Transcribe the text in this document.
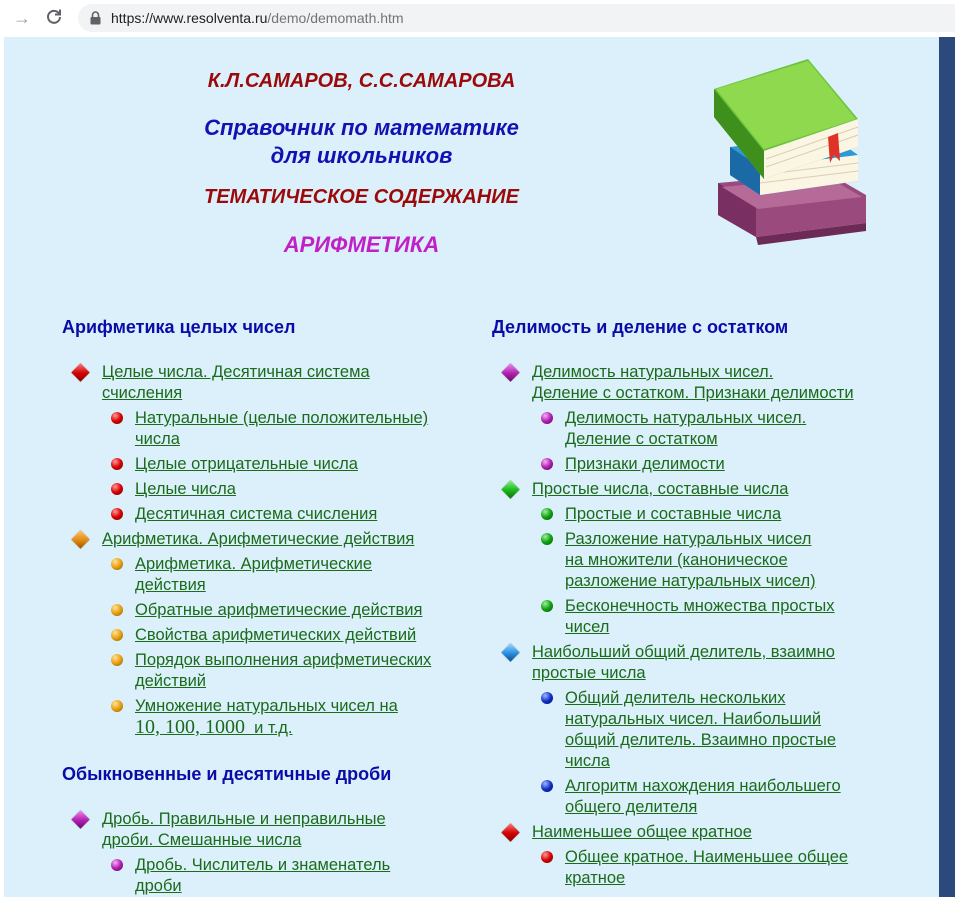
→	https://www.resolventa.ru/demo/demomath.htm
К.Л.САМАРОВ, С.С.САМАРОВА
Справочник по математике
для школьников
ТЕМАТИЧЕСКОЕ СОДЕРЖАНИЕ
АРИФМЕТИКА
Арифметика целых чисел
Целые числа. Десятичная система
счисления
Натуральные (целые положительные)
числа
Целые отрицательные числа
Целые числа
Десятичная система счисления
Арифметика. Арифметические действия
Арифметика. Арифметические
действия
Обратные арифметические действия
Свойства арифметических действий
Порядок выполнения арифметических
действий
Умножение натуральных чисел на
10, 100, 1000  и т.д.
Обыкновенные и десятичные дроби
Дробь. Правильные и неправильные
дроби. Смешанные числа
Дробь. Числитель и знаменатель
дроби
Делимость и деление с остатком
Делимость натуральных чисел.
Деление с остатком. Признаки делимости
Делимость натуральных чисел.
Деление с остатком
Признаки делимости
Простые числа, составные числа
Простые и составные числа
Разложение натуральных чисел
на множители (каноническое
разложение натуральных чисел)
Бесконечность множества простых
чисел
Наибольший общий делитель, взаимно
простые числа
Общий делитель нескольких
натуральных чисел. Наибольший
общий делитель. Взаимно простые
числа
Алгоритм нахождения наибольшего
общего делителя
Наименьшее общее кратное
Общее кратное. Наименьшее общее
кратное
